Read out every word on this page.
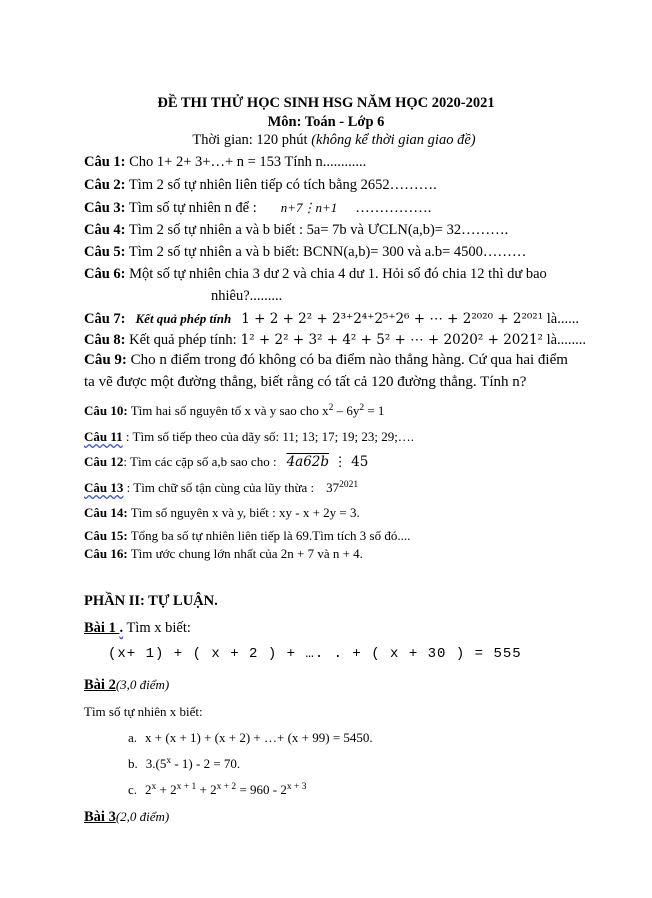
ĐỀ THI THỬ HỌC SINH HSG NĂM HỌC 2020-2021
Môn: Toán - Lớp 6
Thời gian: 120 phút (không kể thời gian giao đề)
Câu 1: Cho 1+ 2+ 3+…+ n = 153 Tính n............
Câu 2: Tìm 2 số tự nhiên liên tiếp có tích bằng 2652……….
Câu 3: Tìm số tự nhiên n để : n+7⋮n+1 …………….
Câu 4: Tìm 2 số tự nhiên a và b biết : 5a= 7b và ƯCLN(a,b)= 32……….
Câu 5: Tìm 2 số tự nhiên a và b biết: BCNN(a,b)= 300 và a.b= 4500………
Câu 6: Một số tự nhiên chia 3 dư 2 và chia 4 dư 1. Hỏi số đó chia 12 thì dư bao
nhiêu?.........
Câu 7: Kết quả phép tính 1 + 2 + 2² + 2³⁺2⁴⁺2⁵⁺2⁶ + ⋯ + 2²⁰²⁰ + 2²⁰²¹ là......
Câu 8: Kết quả phép tính: 1² + 2² + 3² + 4² + 5² + ⋯ + 2020² + 2021² là........
Câu 9: Cho n điểm trong đó không có ba điểm nào thẳng hàng. Cứ qua hai điểm
ta vẽ được một đường thẳng, biết rằng có tất cả 120 đường thẳng. Tính n?
Câu 10: Tìm hai số nguyên tố x và y sao cho $x^2 - 6y^2 = 1$
Câu 11 : Tìm số tiếp theo của dãy số: 11; 13; 17; 19; 23; 29;….
Câu 12: Tìm các cặp số a,b sao cho : 4a62b ⋮ 45
Câu 13 : Tìm chữ số tận cùng của lũy thừa : $37^{2021}$
Câu 14: Tìm số nguyên x và y, biết : xy - x + 2y = 3.
Câu 15: Tổng ba số tự nhiên liên tiếp là 69.Tìm tích 3 số đó....
Câu 16: Tìm ước chung lớn nhất của 2n + 7 và n + 4.
PHẦN II: TỰ LUẬN.
Bài 1 . Tìm x biết:
(x+ 1) + ( x + 2 ) + …. . + ( x + 30 ) = 555
Bài 2(3,0 điểm)
Tìm số tự nhiên x biết:
a. x + (x + 1) + (x + 2) + …+ (x + 99) = 5450.
b. 3.(5$^x$ - 1) - 2 = 70.
c. $2^x + 2^{x + 1} + 2^{x + 2} = 960 - 2^{x + 3}$
Bài 3(2,0 điểm)
